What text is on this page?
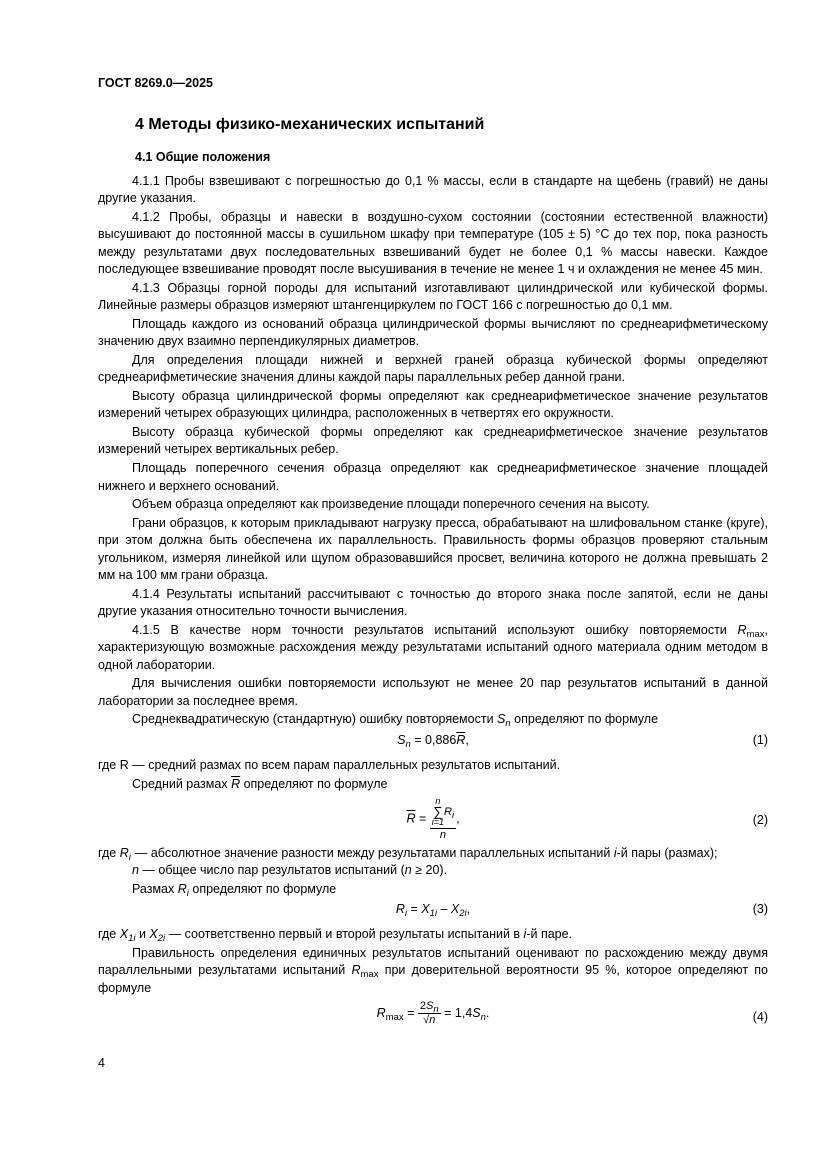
ГОСТ 8269.0—2025
4 Методы физико-механических испытаний
4.1 Общие положения

4.1.1 Пробы взвешивают с погрешностью до 0,1 % массы, если в стандарте на щебень (гравий) не даны другие указания.

4.1.2 Пробы, образцы и навески в воздушно-сухом состоянии (состоянии естественной влажности) высушивают до постоянной массы в сушильном шкафу при температуре (105 ± 5) °С до тех пор, пока разность между результатами двух последовательных взвешиваний будет не более 0,1 % массы навески. Каждое последующее взвешивание проводят после высушивания в течение не менее 1 ч и охлаждения не менее 45 мин.

4.1.3 Образцы горной породы для испытаний изготавливают цилиндрической или кубической формы. Линейные размеры образцов измеряют штангенциркулем по ГОСТ 166 с погрешностью до 0,1 мм.

Площадь каждого из оснований образца цилиндрической формы вычисляют по среднеарифметическому значению двух взаимно перпендикулярных диаметров.

Для определения площади нижней и верхней граней образца кубической формы определяют среднеарифметические значения длины каждой пары параллельных ребер данной грани.

Высоту образца цилиндрической формы определяют как среднеарифметическое значение результатов измерений четырех образующих цилиндра, расположенных в четвертях его окружности.

Высоту образца кубической формы определяют как среднеарифметическое значение результатов измерений четырех вертикальных ребер.

Площадь поперечного сечения образца определяют как среднеарифметическое значение площадей нижнего и верхнего оснований.

Объем образца определяют как произведение площади поперечного сечения на высоту.

Грани образцов, к которым прикладывают нагрузку пресса, обрабатывают на шлифовальном станке (круге), при этом должна быть обеспечена их параллельность. Правильность формы образцов проверяют стальным угольником, измеряя линейкой или щупом образовавшийся просвет, величина которого не должна превышать 2 мм на 100 мм грани образца.

4.1.4 Результаты испытаний рассчитывают с точностью до второго знака после запятой, если не даны другие указания относительно точности вычисления.

4.1.5 В качестве норм точности результатов испытаний используют ошибку повторяемости $R_{max}$, характеризующую возможные расхождения между результатами испытаний одного материала одним методом в одной лаборатории.

Для вычисления ошибки повторяемости используют не менее 20 пар результатов испытаний в данной лаборатории за последнее время.

Среднеквадратическую (стандартную) ошибку повторяемости $S_n$ определяют по формуле

$S_n = 0,886\overline{R}$,	(1)

где R — средний размах по всем парам параллельных результатов испытаний.

Средний размах $\overline{R}$ определяют по формуле

$\overline{R} = n$
∑
i=1
$R_i$
n ,	(2)
где $R_i$ — абсолютное значение разности между результатами параллельных испытаний i-й пары (размах);

n — общее число пар результатов испытаний (n ≥ 20).

Размах $R_i$ определяют по формуле

$R_i = X_{1i} - X_{2i}$,	(3)

где $X_{1i}$ и $X_{2i}$ — соответственно первый и второй результаты испытаний в i-й паре.

Правильность определения единичных результатов испытаний оценивают по расхождению между двумя параллельными результатами испытаний $R_{max}$ при доверительной вероятности 95 %, которое определяют по формуле

$R_{max} = \frac{2S_n}{√n} = 1,4S_n$.	(4)
4
